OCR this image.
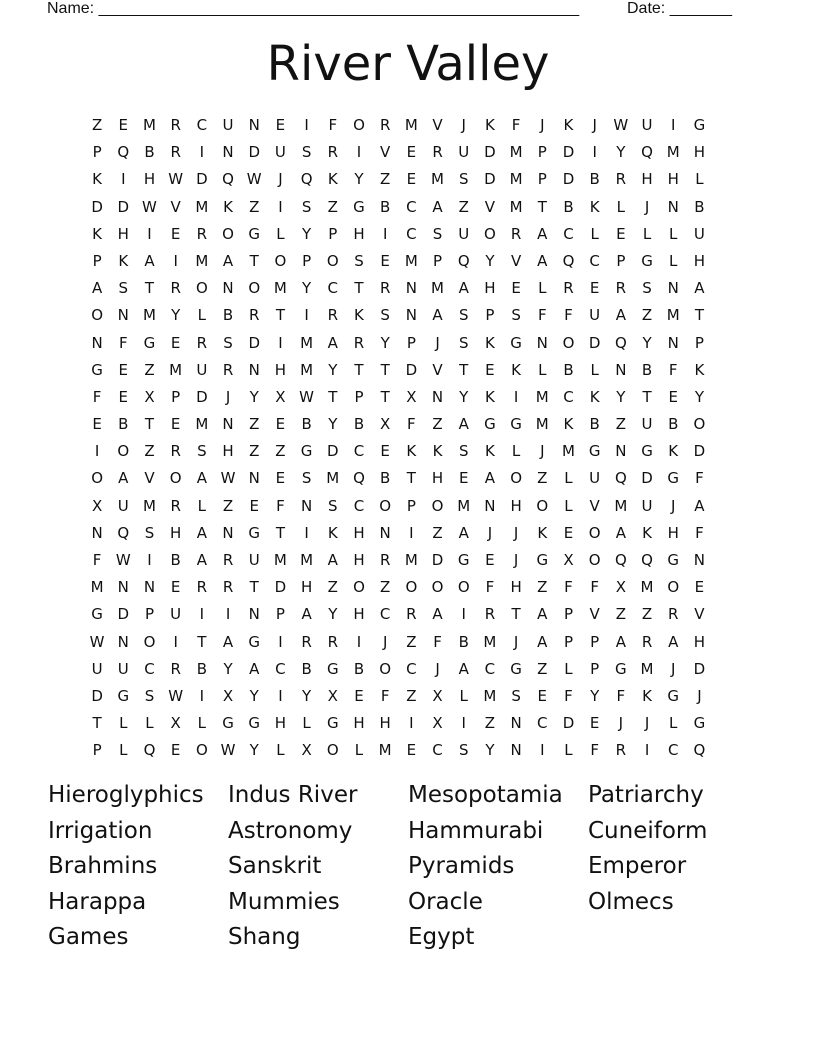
Name: ______________________________________________________	Date: _______
River Valley
Z	E M R	C	U	N	E	I	F	O	R M V	J	K	F	J	K	J	W U	I	G
P	Q	B	R	I	N D U	S	R	I	V	E	R	U D M	P	D	I	Y	Q M H
K	I	H W D Q W	J	Q	K	Y	Z	E M S	D M	P	D	B	R	H H	L
D D W V M K	Z	I	S	Z	G	B	C	A	Z	V M	T	B	K	L	J	N	B
K	H	I	E	R	O G	L	Y	P	H	I	C	S	U O	R	A	C	L	E	L	L	U
P	K	A	I	M A	T	O	P	O	S	E M	P	Q	Y	V	A	Q	C	P	G	L	H
A	S	T	R	O N O M	Y	C	T	R	N M A	H	E	L	R	E	R	S	N	A
O N M	Y	L	B	R	T	I	R	K	S	N	A	S	P	S	F	F	U	A	Z M	T
N	F	G	E	R	S	D	I	M A	R	Y	P	J	S	K	G N O D Q	Y	N	P
G	E	Z M U	R	N H M	Y	T	T	D	V	T	E	K	L	B	L	N	B	F	K
F	E	X	P	D	J	Y	X W T	P	T	X	N	Y	K	I	M C	K	Y	T	E	Y
E	B	T	E M N	Z	E	B	Y	B	X	F	Z	A	G G M K	B	Z	U	B	O
I	O	Z	R	S	H	Z	Z	G D	C	E	K	K	S	K	L	J	M G N G	K	D
O	A	V	O	A W N	E	S M Q	B	T	H	E	A	O	Z	L	U Q D G	F
X	U M R	L	Z	E	F	N	S	C	O	P	O M N H O	L	V M U	J	A
N Q	S	H	A	N G	T	I	K	H N	I	Z	A	J	J	K	E	O	A	K	H	F
F W	I	B	A	R	U M M A	H	R M D G	E	J	G	X	O Q Q G N
M N N	E	R	R	T	D H	Z	O	Z	O O O	F	H	Z	F	F	X M O	E
G D	P	U	I	I	N	P	A	Y	H	C	R	A	I	R	T	A	P	V	Z	Z	R	V
W N O	I	T	A	G	I	R	R	I	J	Z	F	B M	J	A	P	P	A	R	A	H
U	U	C	R	B	Y	A	C	B	G	B	O	C	J	A	C	G	Z	L	P	G M	J	D
D G	S W	I	X	Y	I	Y	X	E	F	Z	X	L	M S	E	F	Y	F	K	G	J
T	L	L	X	L	G G H	L	G H H	I	X	I	Z	N	C	D	E	J	J	L	G
P	L	Q	E	O W Y	L	X	O	L	M E	C	S	Y	N	I	L	F	R	I	C	Q
Hieroglyphics	Indus River	Mesopotamia	Patriarchy
Irrigation	Astronomy	Hammurabi	Cuneiform
Brahmins	Sanskrit	Pyramids	Emperor
Harappa	Mummies	Oracle	Olmecs
Games	Shang	Egypt
